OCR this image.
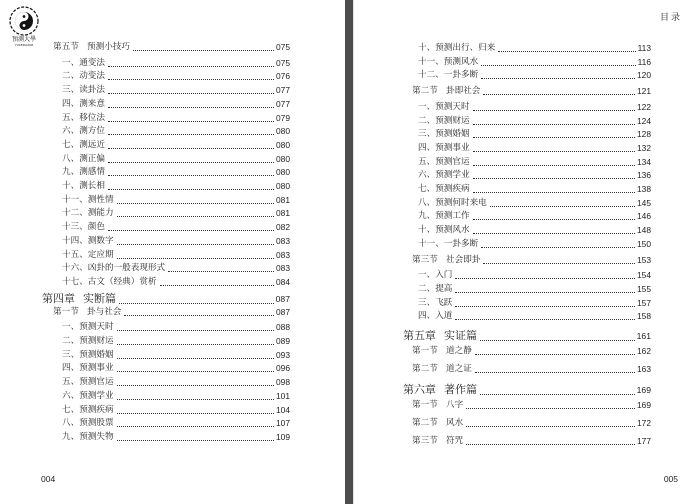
預測大學
YUCEDAXUE 第五节 预测小技巧	075
一、通变法	075
二、动变法	076
三、读卦法	077
四、测来意	077
五、移位法	079
六、测方位	080
七、测远近	080
八、测正偏	080
九、测感情	080
十、测长相	080
十一、测性情	081
十二、测能力	081
十三、颜色	082
十四、测数字	083
十五、定应期	083
十六、凶卦的一般表现形式	083
十七、古文（经典）赏析	084
第四章 实断篇	087
第一节 卦与社会	087
一、预测天时	088
二、预测财运	089
三、预测婚姻	093
四、预测事业	096
五、预测官运	098
六、预测学业	101
七、预测疾病	104
八、预测股票	107
九、预测失物	109
004
目录
十、预测出行、归来	113
十一、预测风水	116
十二、一卦多断	120
第二节 卦即社会	121
一、预测天时	122
二、预测财运	124
三、预测婚姻	128
四、预测事业	132
五、预测官运	134
六、预测学业	136
七、预测疾病	138
八、预测何时来电	145
九、预测工作	146
十、预测风水	148
十一、一卦多断	150
第三节 社会即卦	153
一、入门	154
二、提高	155
三、飞跃	157
四、入道	158
第五章 实证篇	161
第一节 道之静	162
第二节 道之证	163
第六章 著作篇	169
第一节 八字	169
第二节 风水	172
第三节 符咒	177
005
